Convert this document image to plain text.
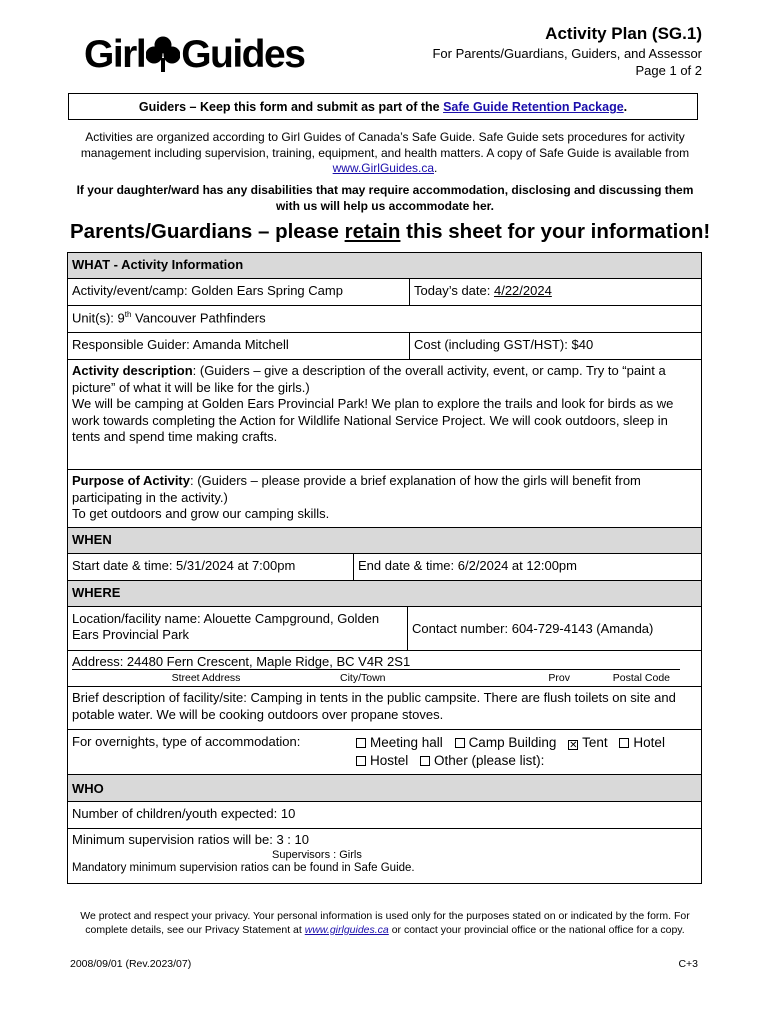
Girl Guides	Activity Plan (SG.1)
For Parents/Guardians, Guiders, and Assessor
Page 1 of 2
Guiders – Keep this form and submit as part of the Safe Guide Retention Package.
Activities are organized according to Girl Guides of Canada’s Safe Guide. Safe Guide sets procedures for activity management including supervision, training, equipment, and health matters. A copy of Safe Guide is available from www.GirlGuides.ca.
If your daughter/ward has any disabilities that may require accommodation, disclosing and discussing them with us will help us accommodate her.
Parents/Guardians – please retain this sheet for your information!
WHAT - Activity Information
Activity/event/camp: Golden Ears Spring Camp	Today’s date: 4/22/2024
Unit(s): 9th Vancouver Pathfinders
Responsible Guider: Amanda Mitchell	Cost (including GST/HST): $40
Activity description: (Guiders – give a description of the overall activity, event, or camp. Try to “paint a picture” of what it will be like for the girls.)
We will be camping at Golden Ears Provincial Park! We plan to explore the trails and look for birds as we work towards completing the Action for Wildlife National Service Project. We will cook outdoors, sleep in tents and spend time making crafts.
Purpose of Activity: (Guiders – please provide a brief explanation of how the girls will benefit from participating in the activity.)
To get outdoors and grow our camping skills.
WHEN
Start date & time: 5/31/2024 at 7:00pm	End date & time: 6/2/2024 at 12:00pm
WHERE
Location/facility name: Alouette Campground, Golden Ears Provincial Park	Contact number: 604-729-4143 (Amanda)
Address: 24480 Fern Crescent, Maple Ridge, BC V4R 2S1
Street Address	City/Town	Prov	Postal Code
Brief description of facility/site: Camping in tents in the public campsite. There are flush toilets on site and potable water. We will be cooking outdoors over propane stoves.
For overnights, type of accommodation:	Meeting hall Camp Building ✕ Tent Hotel
Hostel Other (please list):
WHO
Number of children/youth expected: 10
Minimum supervision ratios will be: 3 : 10
Supervisors : Girls
Mandatory minimum supervision ratios can be found in Safe Guide.
We protect and respect your privacy. Your personal information is used only for the purposes stated on or indicated by the form. For complete details, see our Privacy Statement at www.girlguides.ca or contact your provincial office or the national office for a copy.
2008/09/01 (Rev.2023/07)	C+3
